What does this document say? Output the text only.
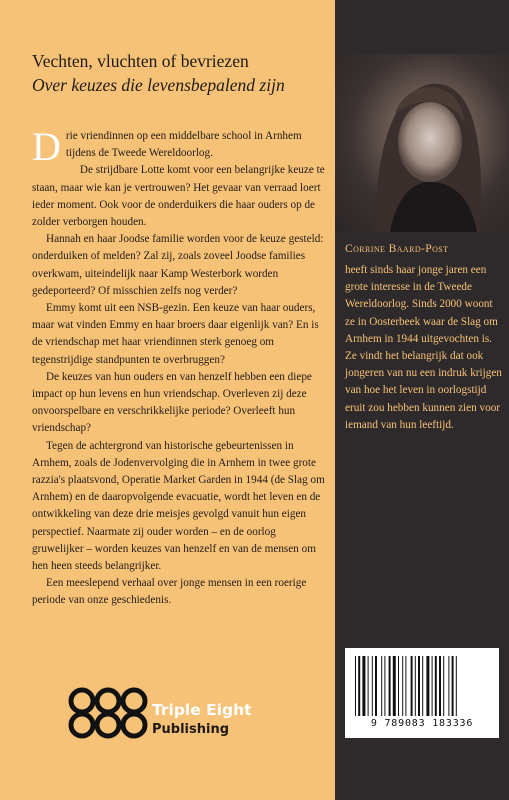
Vechten, vluchten of bevriezen
Over keuzes die levensbepalend zijn

Drie vriendinnen op een middelbare school in Arnhem tijdens de Tweede Wereldoorlog.

De strijdbare Lotte komt voor een belangrijke keuze te staan, maar wie kan je vertrouwen? Het gevaar van verraad loert ieder moment. Ook voor de onderduikers die haar ouders op de zolder verborgen houden.

Hannah en haar Joodse familie worden voor de keuze gesteld: onderduiken of melden? Zal zij, zoals zoveel Joodse families overkwam, uiteindelijk naar Kamp Westerbork worden gedeporteerd? Of misschien zelfs nog verder?

Emmy komt uit een NSB-gezin. Een keuze van haar ouders, maar wat vinden Emmy en haar broers daar eigenlijk van? En is de vriendschap met haar vriendinnen sterk genoeg om tegenstrijdige standpunten te overbruggen?

De keuzes van hun ouders en van henzelf hebben een diepe impact op hun levens en hun vriendschap. Overleven zij deze onvoorspelbare en verschrikkelijke periode? Overleeft hun vriendschap?

Tegen de achtergrond van historische gebeurtenissen in Arnhem, zoals de Jodenvervolging die in Arnhem in twee grote razzia's plaatsvond, Operatie Market Garden in 1944 (de Slag om Arnhem) en de daaropvolgende evacuatie, wordt het leven en de ontwikkeling van deze drie meisjes gevolgd vanuit hun eigen perspectief. Naarmate zij ouder worden – en de oorlog gruwelijker – worden keuzes van henzelf en van de mensen om hen heen steeds belangrijker.

Een meeslepend verhaal over jonge mensen in een roerige periode van onze geschiedenis.

Corrine Baard-Post
heeft sinds haar jonge jaren een grote interesse in de Tweede Wereldoorlog. Sinds 2000 woont ze in Oosterbeek waar de Slag om Arnhem in 1944 uitgevochten is. Ze vindt het belangrijk dat ook jongeren van nu een indruk krijgen van hoe het leven in oorlogstijd eruit zou hebben kunnen zien voor iemand van hun leeftijd.
9 789083 183336
Triple Eight
Publishing
